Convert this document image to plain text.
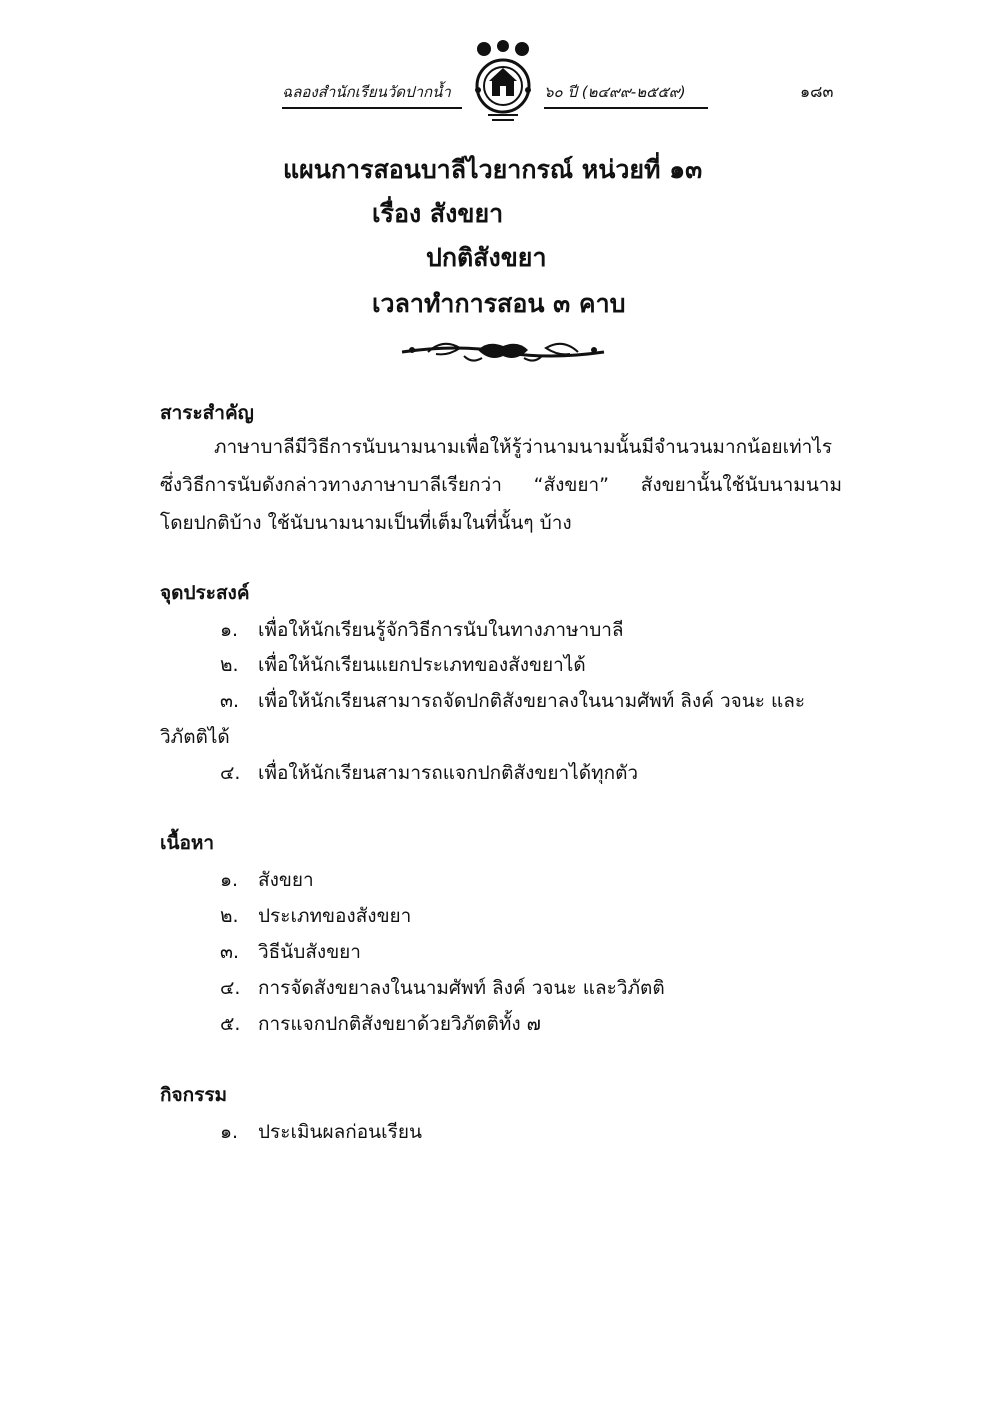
ฉลองสำนักเรียนวัดปากน้ำ	๖๐ ปี (๒๔๙๙-๒๕๕๙)	๑๘๓
แผนการสอนบาลีไวยากรณ์ หน่วยที่ ๑๓
เรื่อง สังขยา
ปกติสังขยา
เวลาทำการสอน ๓ คาบ
สาระสำคัญ
ภาษาบาลีมีวิธีการนับนามนามเพื่อให้รู้ว่านามนามนั้นมีจำนวนมากน้อยเท่าไร
ซึ่งวิธีการนับดังกล่าวทางภาษาบาลีเรียกว่า “สังขยา” สังขยานั้นใช้นับนามนาม
โดยปกติบ้าง ใช้นับนามนามเป็นที่เต็มในที่นั้นๆ บ้าง
จุดประสงค์
๑. เพื่อให้นักเรียนรู้จักวิธีการนับในทางภาษาบาลี
๒. เพื่อให้นักเรียนแยกประเภทของสังขยาได้
๓. เพื่อให้นักเรียนสามารถจัดปกติสังขยาลงในนามศัพท์ ลิงค์ วจนะ และ
วิภัตติได้
๔. เพื่อให้นักเรียนสามารถแจกปกติสังขยาได้ทุกตัว
เนื้อหา
๑. สังขยา
๒. ประเภทของสังขยา
๓. วิธีนับสังขยา
๔. การจัดสังขยาลงในนามศัพท์ ลิงค์ วจนะ และวิภัตติ
๕. การแจกปกติสังขยาด้วยวิภัตติทั้ง ๗
กิจกรรม
๑. ประเมินผลก่อนเรียน
